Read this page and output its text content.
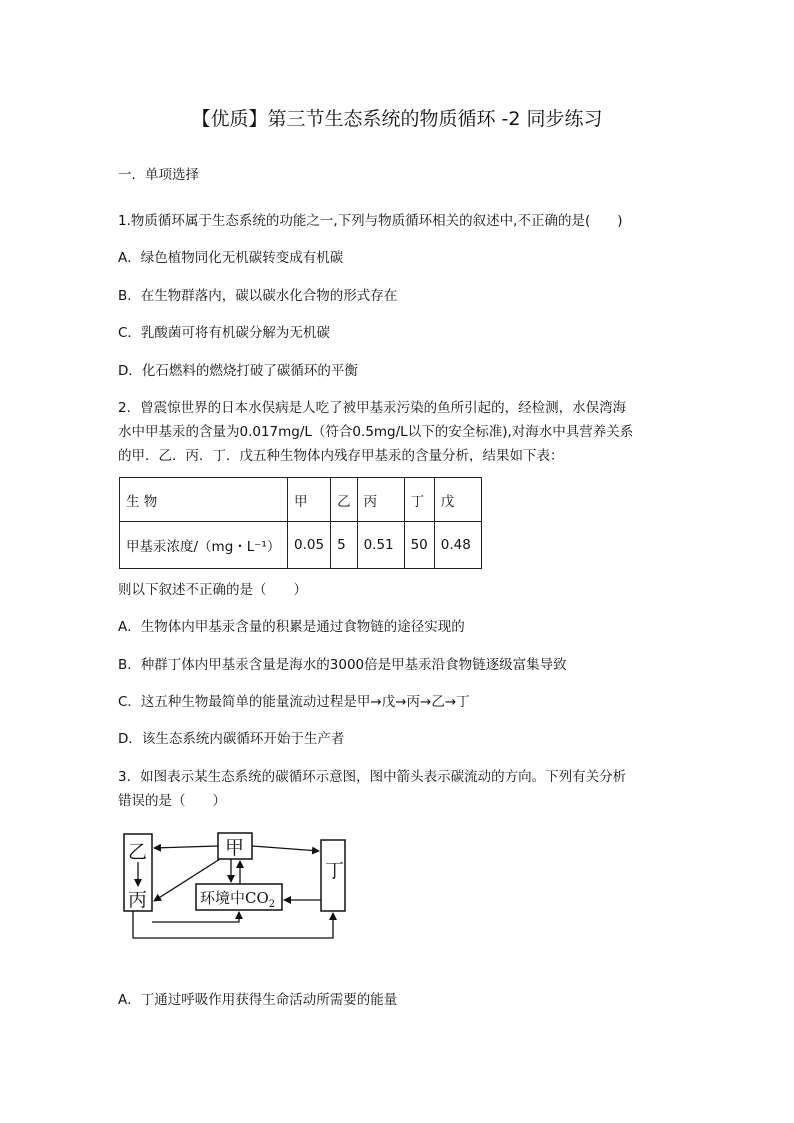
【优质】第三节生态系统的物质循环 -2 同步练习
一．单项选择
1.物质循环属于生态系统的功能之一,下列与物质循环相关的叙述中,不正确的是(　　)
A．绿色植物同化无机碳转变成有机碳
B．在生物群落内，碳以碳水化合物的形式存在
C．乳酸菌可将有机碳分解为无机碳
D．化石燃料的燃烧打破了碳循环的平衡
2．曾震惊世界的日本水俣病是人吃了被甲基汞污染的鱼所引起的，经检测，水俣湾海
水中甲基汞的含量为0.017mg/L（符合0.5mg/L以下的安全标准),对海水中具营养关系
的甲．乙．丙．丁．戊五种生物体内残存甲基汞的含量分析，结果如下表：
生 物	甲	乙	丙	丁	戊
甲基汞浓度/（mg・L⁻¹）	0.05	5	0.51	50	0.48
则以下叙述不正确的是（　　）
A．生物体内甲基汞含量的积累是通过食物链的途径实现的
B．种群丁体内甲基汞含量是海水的3000倍是甲基汞沿食物链逐级富集导致
C．这五种生物最简单的能量流动过程是甲→戊→丙→乙→丁
D．该生态系统内碳循环开始于生产者
3．如图表示某生态系统的碳循环示意图，图中箭头表示碳流动的方向。下列有关分析
错误的是（　　）
乙
丙
甲
丁
环境中$CO_2$
A．丁通过呼吸作用获得生命活动所需要的能量
